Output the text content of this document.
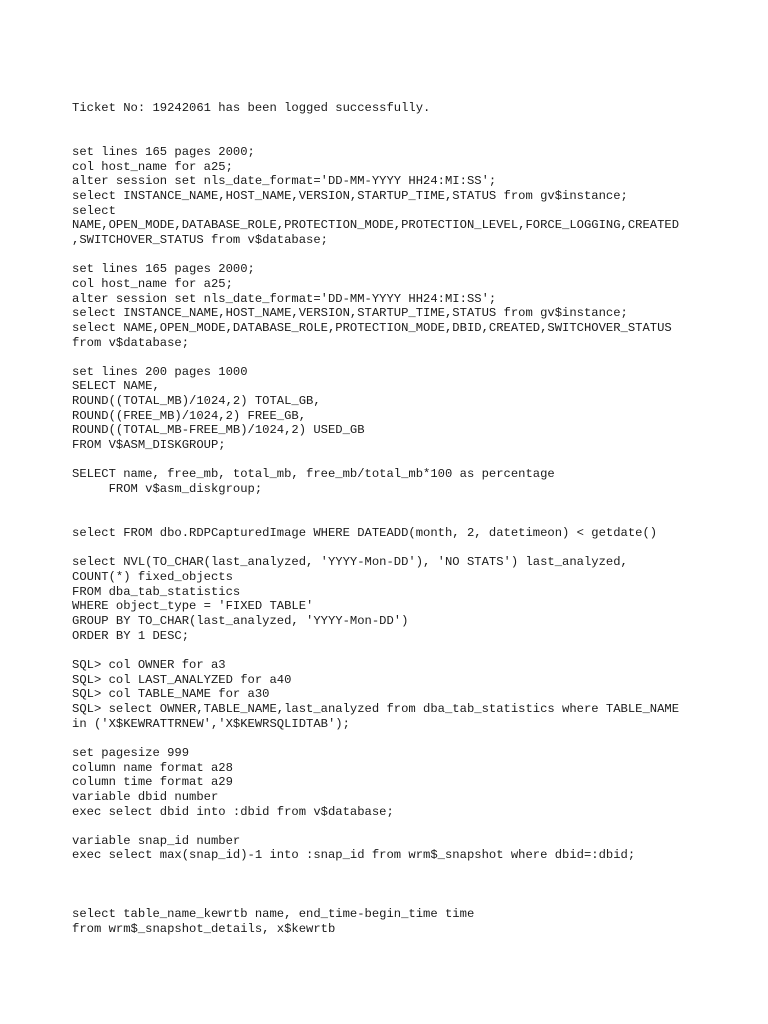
Ticket No: 19242061 has been logged successfully.

set lines 165 pages 2000;
col host_name for a25;
alter session set nls_date_format='DD-MM-YYYY HH24:MI:SS';
select INSTANCE_NAME,HOST_NAME,VERSION,STARTUP_TIME,STATUS from gv$instance;
select
NAME,OPEN_MODE,DATABASE_ROLE,PROTECTION_MODE,PROTECTION_LEVEL,FORCE_LOGGING,CREATED
,SWITCHOVER_STATUS from v$database;

set lines 165 pages 2000;
col host_name for a25;
alter session set nls_date_format='DD-MM-YYYY HH24:MI:SS';
select INSTANCE_NAME,HOST_NAME,VERSION,STARTUP_TIME,STATUS from gv$instance;
select NAME,OPEN_MODE,DATABASE_ROLE,PROTECTION_MODE,DBID,CREATED,SWITCHOVER_STATUS
from v$database;

set lines 200 pages 1000
SELECT NAME,
ROUND((TOTAL_MB)/1024,2) TOTAL_GB,
ROUND((FREE_MB)/1024,2) FREE_GB,
ROUND((TOTAL_MB-FREE_MB)/1024,2) USED_GB
FROM V$ASM_DISKGROUP;

SELECT name, free_mb, total_mb, free_mb/total_mb*100 as percentage
FROM v$asm_diskgroup;

select FROM dbo.RDPCapturedImage WHERE DATEADD(month, 2, datetimeon) < getdate()

select NVL(TO_CHAR(last_analyzed, 'YYYY-Mon-DD'), 'NO STATS') last_analyzed,
COUNT(*) fixed_objects
FROM dba_tab_statistics
WHERE object_type = 'FIXED TABLE'
GROUP BY TO_CHAR(last_analyzed, 'YYYY-Mon-DD')
ORDER BY 1 DESC;

SQL> col OWNER for a3
SQL> col LAST_ANALYZED for a40
SQL> col TABLE_NAME for a30
SQL> select OWNER,TABLE_NAME,last_analyzed from dba_tab_statistics where TABLE_NAME
in ('X$KEWRATTRNEW','X$KEWRSQLIDTAB');

set pagesize 999
column name format a28
column time format a29
variable dbid number
exec select dbid into :dbid from v$database;

variable snap_id number
exec select max(snap_id)-1 into :snap_id from wrm$_snapshot where dbid=:dbid;

select table_name_kewrtb name, end_time-begin_time time
from wrm$_snapshot_details, x$kewrtb
